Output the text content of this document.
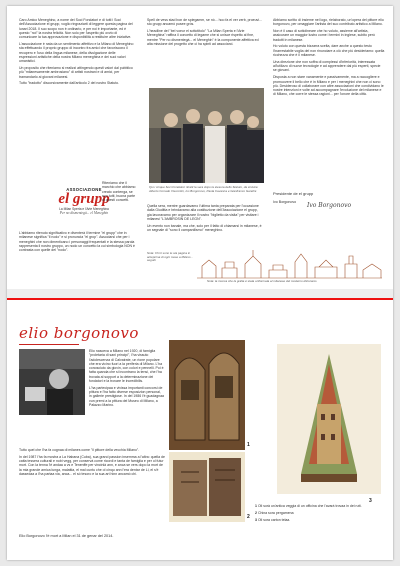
Caro Amico Meneghino, a nome dei Soci Fondatori e di tutti i Soci dell'Associazione el grupp, voglio ringraziarti di leggere questa pagina del lunari 2018. Il suo scopo non è ordinario, e per noi è importante, ed è questo "noi" la nostra felicità. Non solo per l'aspetto più ovvio di comunicare la tua approvazione e disponibilità a restituire altre iniziative.

L'associazione è nata da un sentimento affettivo e la Milano di Meneghino sta effettuando il proprio gruppo di incontro fra amici che favoriscono il recupero e l'uso della lingua milanese, della divulgazione delle espressioni artistiche della nostra Milano meneghina e dei suoi valori umanistici.

Un proposito che riteniamo si realizzi attingendo questi valori dal pubblico più "milanesamente ambrosiano" di artisti nostrani e di amici, per tramandarlo ai giovani milanesi.

Tutto "tradotto" discorsivamente dall'articolo 2 del nostro Statuto.

ASSOCIAZIONE
el grupp
La Milan Sperta e l'Arte Meneghina
Per no dismentegà... el Meneghin

Riteniamo che il marchio che abbiamo creato contenga, se non tutti, buona parte di questi concetti.

L'abbiamo ritenuto significativo e diventerà il termine "el grupp" che in milanese significa "il nodo" e si pronuncia "el grop". Associarsi che per i meneghini che non dimenticano i personaggi frequentati e la stessa parola rappresenta il nostro gruppo, un nodo un concetto la cui simbologia NON è contrasta con quelle del "nodo".

Spell de vess stad bon de spiegamm, se nò... hoo fa el ver zerb, proeuvi... sto grupp ancamò pusee gròs.

L'headline del "bel voeur el sottotitolo" "La Milan Sperta e l'Arte Meneghina" raffina il concetto di legame che si unisce rispetto al fine, mentre "Per no dismentegà... el Meneghin" è la componente affettiva ed alta missione del progetto che ci ha spinti ad associarci.

Qui i cinque Soci Fondatori ritratti la sera dopo la stesura dello Statuto, da sinistra: Alberto Corrado Viscontini, Ivo Borgonovo, Paola Cavanna e Gianfranco Gandini.

Quella sera, mentre guardavamo l'ultima tanta preparata per l'occasione dalla Giuditta e brindavamo alla costituzione dell'Associazione el grupp, gia lavoravamo per organizzare il nostro "biglietto da visita" per visitare i milanesi "L'AMBROSIN DE LEGN".

Un evento non banale, ma che, solo per il fatto di chiamarsi in milanese, è un segnale di "sono il campanilismo" meneghino.

Nota: Chi ti sono le sta pagina in anteprima di ogni mese a Milano... seguiti
Nota: la ricerca che la grafia è stata uniformata al milanese del moderno dizionario.

Abbiamo scritto di insieme nel logo, rielaborato, un'opera del pittore elio borgonovo, per omaggiare l'artista del suo contributo artistico a Milano.

Non è il caso di sottolineare che ho voluto, assieme all'artista, assicurare un maggior lustro come i termini in inglese, subito però tradotti in milanese.

Ho voluto con questa bizzarra scelta, dare anche a questo testo l'inarrestabile voglia del non rinunciare a ciò che più desideriamo: quella ricchezza che è il milanese.

Una direzione che non soffra di complessi d'inferiorità, interessata all'utilizzo di nuove tecnologie e ad apprendere dai più esperti, specie se giovani.

Disposta a non stare vanamente e passivamente, ma a raccogliere e promuovere il bello che è in Milano e per i meneghini che non ci sono più. Desideroso di collaborare con altre associazioni che condividano le nostre intenzioni e volte ad accompagnare l'evoluzione del milanese e di Milano, che corre le stessa ragioni... per l'onore della città.

Presidente de el grupp
Ivo Borgonovo	Ivo Borgonovo
elio borgonovo

Elio nasceva a Milano nel 1920, di famiglia "proletaria di sani principi", l'ha vissuto l'adolescenza di Calvairate, un rione popolare che era vicino fuori a la periferia di Milano. L'ha conosciuto da giovin, con colori e pennelli. Poi è fatta quanda che si incontrano la tensi, che l'ha trovata al sopport a la determinazione dei fondatori e la trovare le incredibilis.

L'ha partecipaa e vivissa importanti concorsi de pittura e l'ha fatto diverse esposizion personal, in gallerie prestigiose. In del 1986 l'è guadagnaa vun premi a la pittura del Museo di Milano, a Palazzo Marino.

Tutto quel che l'ha fa cognaa di milanes come "il pittore della vecchia Milano".

In del 1987 l'ha fa mostra a La Habana (Cuba), sua grand passion insemma a l'altra: quella de catta tessera culturali e nobi vegg, per conservà come ricordi e tanta de famiglia e per ol futur mort. Con la tenna l'è andaa a vs e Tenenffe per vincinlà ann, e anca se vers dopo la mort de la mia grande amica lunga, malattia, el mal cuntu che ol cinqu ann l'era dentar de Li, el s'è dassedaa a l'ha partaa via, anca... el sò tesoro e la sua art hinn ancamò chi.

Elio Borgonovo l'è mort a Milan el 31 de genar del 2014.
1
2
3

1 Oli sorà un'antica veggia di un officina che l'avarà trovaa in dei rutt.

2 China sora pergamena

3 Oli sora carton telaa.
